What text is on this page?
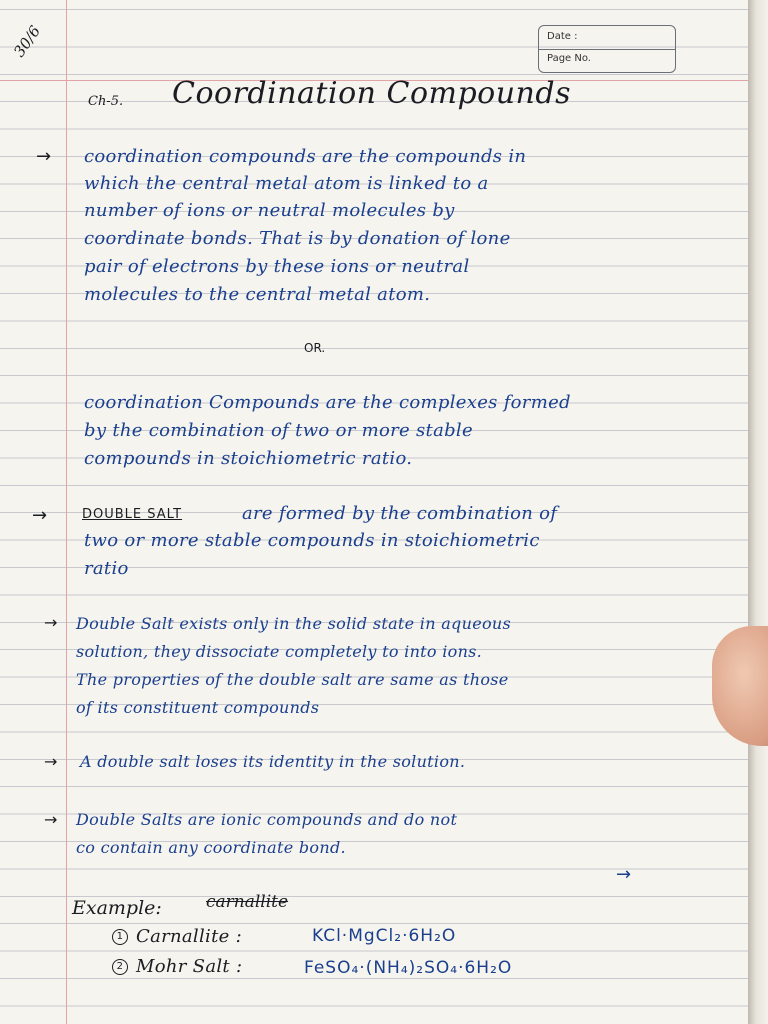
Date :
Page No.
30/6
Ch-5. Coordination Compounds
→ coordination compounds are the compounds in
which the central metal atom is linked to a
number of ions or neutral molecules by
coordinate bonds. That is by donation of lone
pair of electrons by these ions or neutral
molecules to the central metal atom.
OR.
coordination Compounds are the complexes formed
by the combination of two or more stable
compounds in stoichiometric ratio.
→	DOUBLE SALT	are formed by the combination of
two or more stable compounds in stoichiometric
ratio
→ Double Salt exists only in the solid state in aqueous
solution, they dissociate completely to into ions.
The properties of the double salt are same as those
of its constituent compounds
→ A double salt loses its identity in the solution.
→ Double Salts are ionic compounds and do not
co contain any coordinate bond.
→
Example:	carnallite
1 Carnallite :	KCl·MgCl₂·6H₂O
2 Mohr Salt :	FeSO₄·(NH₄)₂SO₄·6H₂O
